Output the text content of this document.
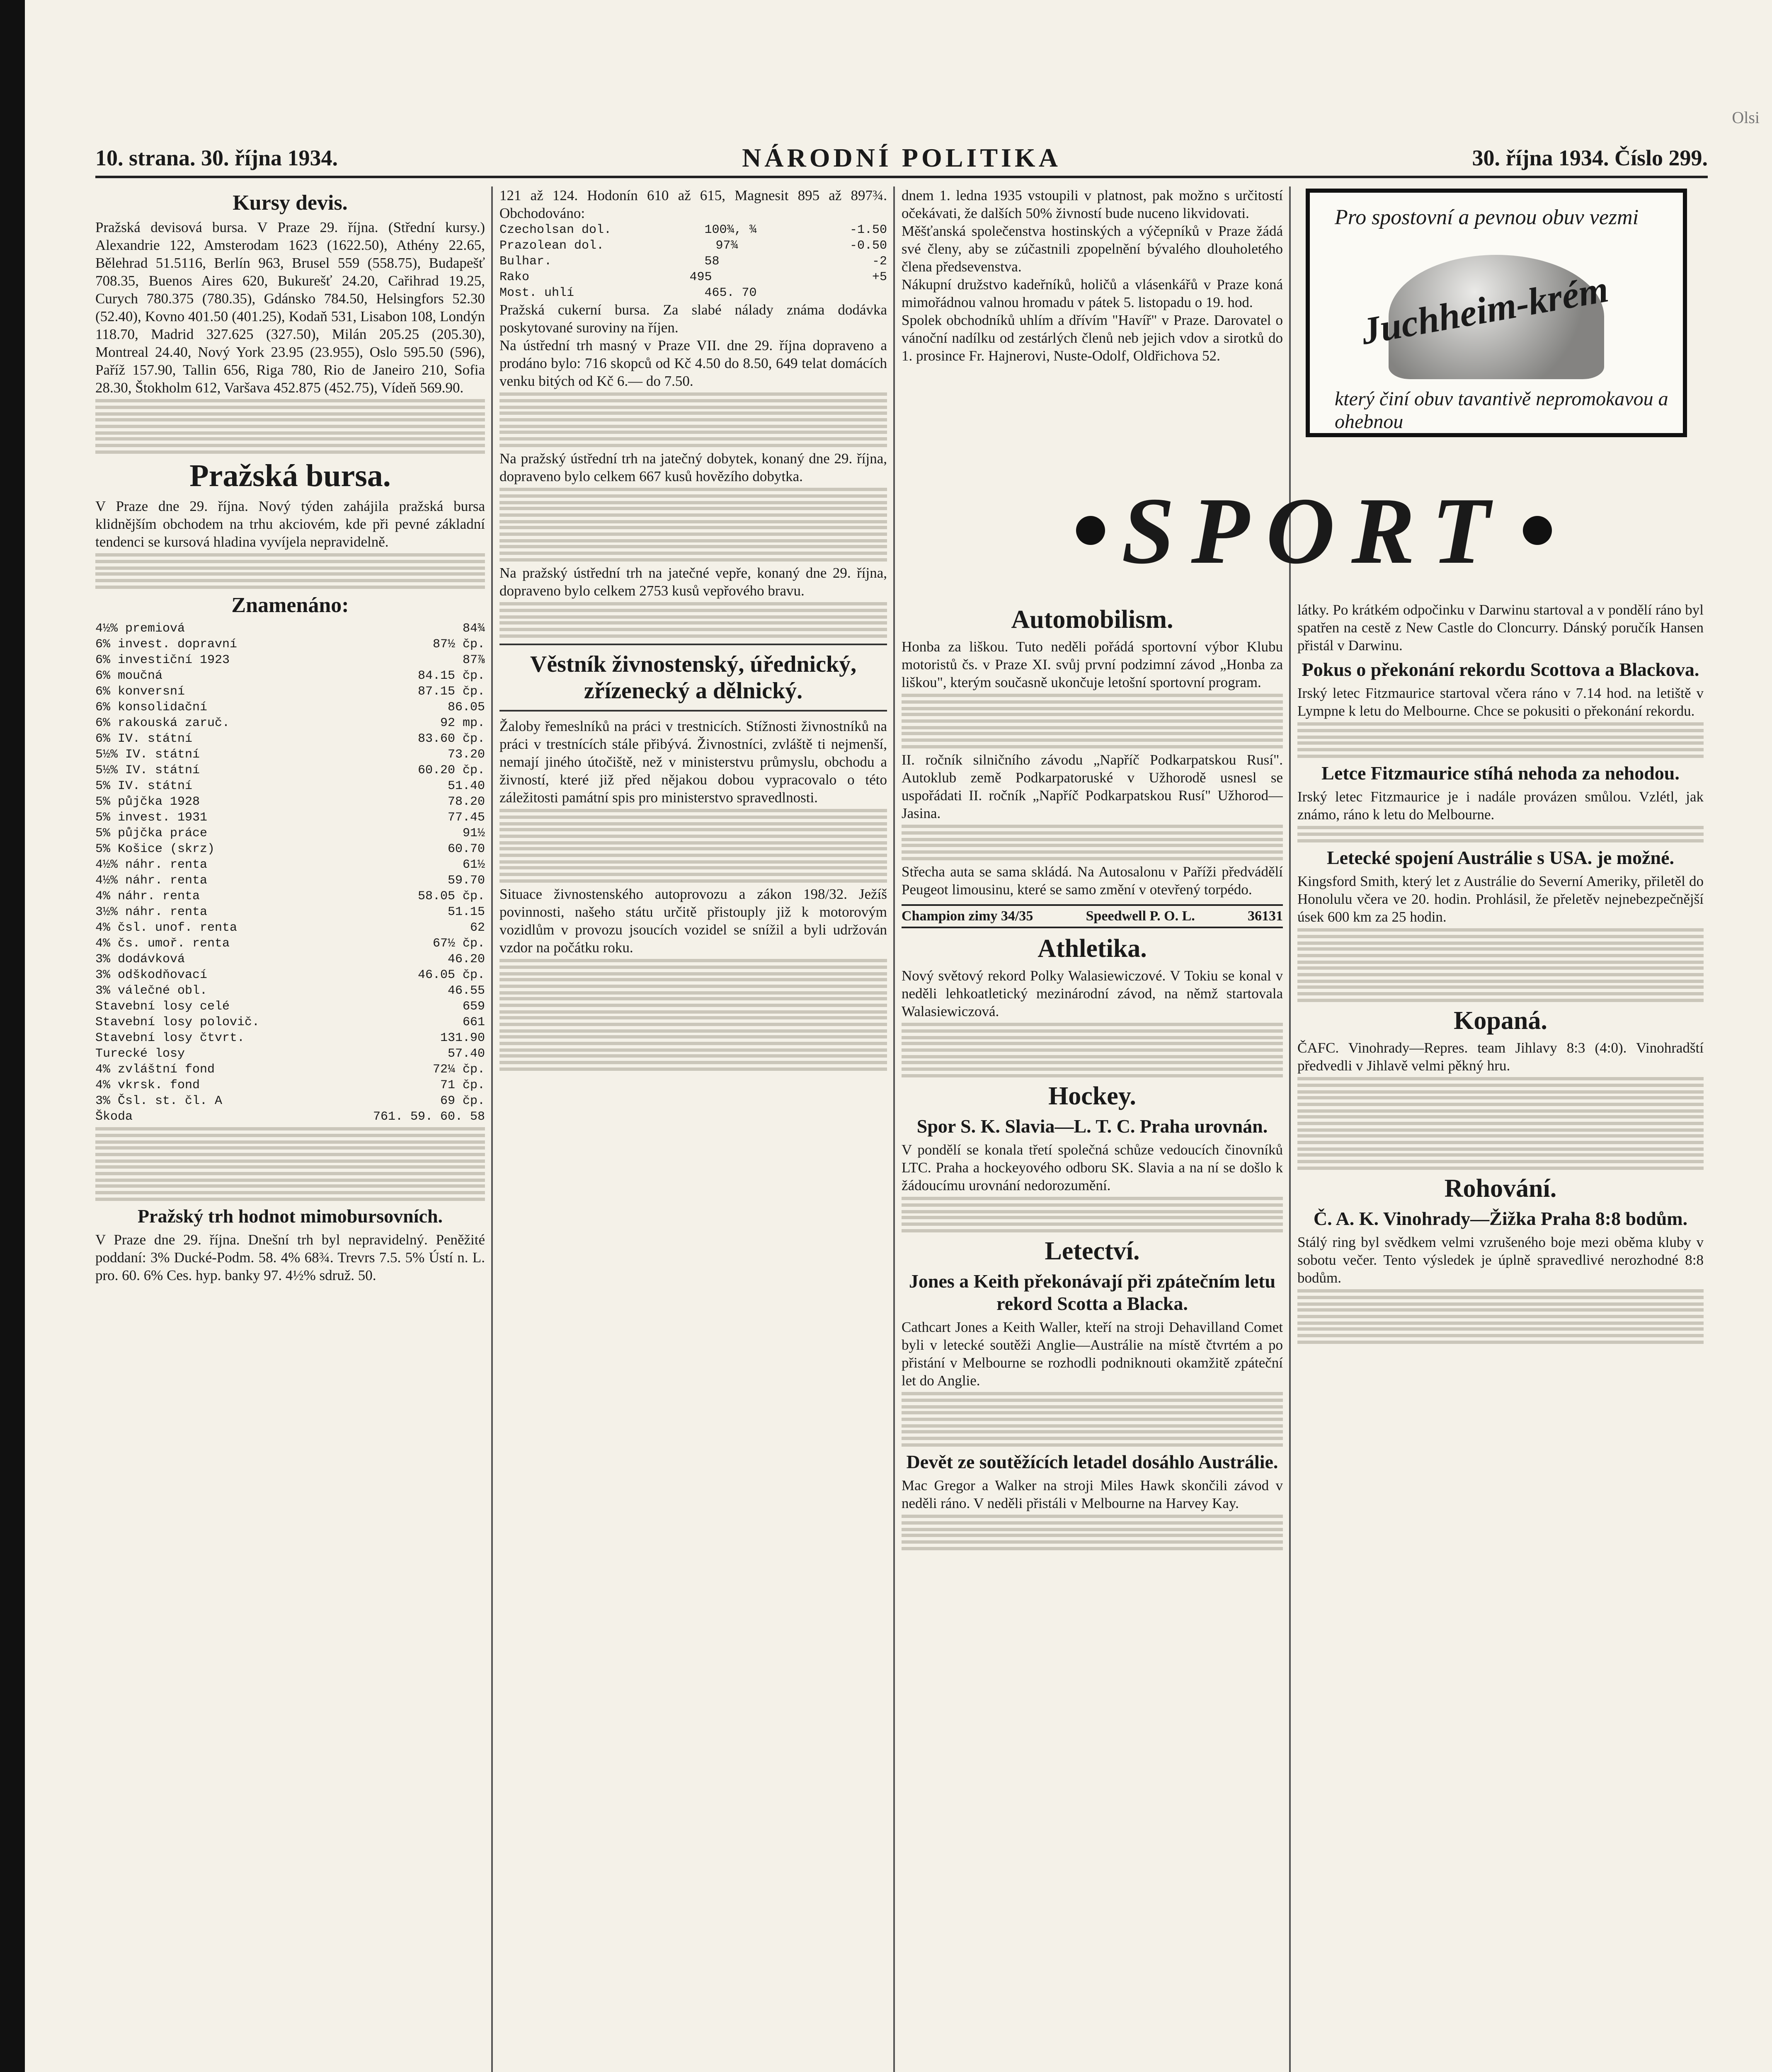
Olsi
10. strana. 30. října 1934.	NÁRODNÍ POLITIKA	30. října 1934. Číslo 299.
Kursy devis.

Pražská devisová bursa. V Praze 29. října. (Střední kursy.) Alexandrie 122, Amsterodam 1623 (1622.50), Athény 22.65, Bělehrad 51.5116, Berlín 963, Brusel 559 (558.75), Budapešť 708.35, Buenos Aires 620, Bukurešť 24.20, Cařihrad 19.25, Curych 780.375 (780.35), Gdánsko 784.50, Helsingfors 52.30 (52.40), Kovno 401.50 (401.25), Kodaň 531, Lisabon 108, Londýn 118.70, Madrid 327.625 (327.50), Milán 205.25 (205.30), Montreal 24.40, Nový York 23.95 (23.955), Oslo 595.50 (596), Paříž 157.90, Tallin 656, Riga 780, Rio de Janeiro 210, Sofia 28.30, Štokholm 612, Varšava 452.875 (452.75), Vídeň 569.90.

Pražská bursa.

V Praze dne 29. října. Nový týden zahájila pražská bursa klidnějším obchodem na trhu akciovém, kde při pevné základní tendenci se kursová hladina vyvíjela nepravidelně.

Znamenáno:
4½% premiová	84¾
6% invest. dopravní	87½ čp.
6% investiční 1923	87⅞
6% moučná	84.15 čp.
6% konversní	87.15 čp.
6% konsolidační	86.05
6% rakouská zaruč.	92 mp.
6% IV. státní	83.60 čp.
5½% IV. státní	73.20
5½% IV. státní	60.20 čp.
5% IV. státní	51.40
5% půjčka 1928	78.20
5% invest. 1931	77.45
5% půjčka práce	91½
5% Košice (skrz)	60.70
4½% náhr. renta	61½
4½% náhr. renta	59.70
4% náhr. renta	58.05 čp.
3½% náhr. renta	51.15
4% čsl. unof. renta	62
4% čs. umoř. renta	67½ čp.
3% dodávková	46.20
3% odškodňovací	46.05 čp.
3% válečné obl.	46.55
Stavební losy celé	659
Stavební losy polovič.	661
Stavební losy čtvrt.	131.90
Turecké losy	57.40
4% zvláštní fond	72¼ čp.
4% vkrsk. fond	71 čp.
3% Čsl. st. čl. A	69 čp.
Škoda	761. 59. 60. 58
Pražský trh hodnot mimobursovních.

V Praze dne 29. října. Dnešní trh byl nepravidelný. Peněžité poddaní: 3% Ducké-Podm. 58. 4% 68¾. Trevrs 7.5. 5% Ústí n. L. pro. 60. 6% Ces. hyp. banky 97. 4½% sdruž. 50.

121 až 124. Hodonín 610 až 615, Magnesit 895 až 897¾. Obchodováno:

Czecholsan dol.	100¾, ¾	-1.50
Prazolean dol.	97¾	-0.50
Bulhar.	58	-2
Rako	495	+5
Most. uhlí	465. 70

Pražská cukerní bursa. Za slabé nálady známa dodávka poskytované suroviny na říjen.

Na ústřední trh masný v Praze VII. dne 29. října dopraveno a prodáno bylo: 716 skopců od Kč 4.50 do 8.50, 649 telat domácích venku bitých od Kč 6.— do 7.50.

Na pražský ústřední trh na jatečný dobytek, konaný dne 29. října, dopraveno bylo celkem 667 kusů hovězího dobytka.

Na pražský ústřední trh na jatečné vepře, konaný dne 29. října, dopraveno bylo celkem 2753 kusů vepřového bravu.

Věstník živnostenský, úřednický, zřízenecký a dělnický.

Žaloby řemeslníků na práci v trestnicích. Stížnosti živnostníků na práci v trestnících stále přibývá. Živnostníci, zvláště ti nejmenší, nemají jiného útočiště, než v ministerstvu průmyslu, obchodu a živností, které již před nějakou dobou vypracovalo o této záležitosti památní spis pro ministerstvo spravedlnosti.

Situace živnostenského autoprovozu a zákon 198/32. Ježíš povinnosti, našeho státu určitě přistouply již k motorovým vozidlům v provozu jsoucích vozidel se snížil a byli udržován vzdor na počátku roku.

dnem 1. ledna 1935 vstoupili v platnost, pak možno s určitostí očekávati, že dalších 50% živností bude nuceno likvidovati.

Měšťanská společenstva hostinských a výčepníků v Praze žádá své členy, aby se zúčastnili zpopelnění bývalého dlouholetého člena předsevenstva.

Nákupní družstvo kadeřníků, holičů a vlásenkářů v Praze koná mimořádnou valnou hromadu v pátek 5. listopadu o 19. hod.

Spolek obchodníků uhlím a dřívím "Havíř" v Praze. Darovatel o vánoční nadílku od zestárlých členů neb jejich vdov a sirotků do 1. prosince Fr. Hajnerovi, Nuste-Odolf, Oldřichova 52.

Pro spostovní a pevnou obuv vezmi
Juchheim-krém
který činí obuv tavantivě nepromokavou a ohebnou
SPORT
Automobilism.

Honba za liškou. Tuto neděli pořádá sportovní výbor Klubu motoristů čs. v Praze XI. svůj první podzimní závod „Honba za liškou", kterým současně ukončuje letošní sportovní program.

II. ročník silničního závodu „Napříč Podkarpatskou Rusí". Autoklub země Podkarpatoruské v Užhorodě usnesl se uspořádati II. ročník „Napříč Podkarpatskou Rusí" Užhorod—Jasina.

Střecha auta se sama skládá. Na Autosalonu v Paříži předvádělí Peugeot limousinu, které se samo změní v otevřený torpédo.

Champion zimy 34/35	Speedwell P. O. L.	36131
Athletika.

Nový světový rekord Polky Walasiewiczové. V Tokiu se konal v neděli lehkoatletický mezinárodní závod, na němž startovala Walasiewiczová.

Hockey.
Spor S. K. Slavia—L. T. C. Praha urovnán.

V pondělí se konala třetí společná schůze vedoucích činovníků LTC. Praha a hockeyového odboru SK. Slavia a na ní se došlo k žádoucímu urovnání nedorozumění.

Letectví.
Jones a Keith překonávají při zpátečním letu rekord Scotta a Blacka.

Cathcart Jones a Keith Waller, kteří na stroji Dehavilland Comet byli v letecké soutěži Anglie—Austrálie na místě čtvrtém a po přistání v Melbourne se rozhodli podniknouti okamžitě zpáteční let do Anglie.

Devět ze soutěžících letadel dosáhlo Austrálie.

Mac Gregor a Walker na stroji Miles Hawk skončili závod v neděli ráno. V neděli přistáli v Melbourne na Harvey Kay.

látky. Po krátkém odpočinku v Darwinu startoval a v pondělí ráno byl spatřen na cestě z New Castle do Cloncurry. Dánský poručík Hansen přistál v Darwinu.

Pokus o překonání rekordu Scottova a Blackova.

Irský letec Fitzmaurice startoval včera ráno v 7.14 hod. na letiště v Lympne k letu do Melbourne. Chce se pokusiti o překonání rekordu.

Letce Fitzmaurice stíhá nehoda za nehodou.

Irský letec Fitzmaurice je i nadále provázen smůlou. Vzlétl, jak známo, ráno k letu do Melbourne.

Letecké spojení Austrálie s USA. je možné.

Kingsford Smith, který let z Austrálie do Severní Ameriky, přiletěl do Honolulu včera ve 20. hodin. Prohlásil, že přeletěv nejnebezpečnější úsek 600 km za 25 hodin.

Kopaná.

ČAFC. Vinohrady—Repres. team Jihlavy 8:3 (4:0). Vinohradští předvedli v Jihlavě velmi pěkný hru.

Rohování.
Č. A. K. Vinohrady—Žižka Praha 8:8 bodům.

Stálý ring byl svědkem velmi vzrušeného boje mezi oběma kluby v sobotu večer. Tento výsledek je úplně spravedlivé nerozhodné 8:8 bodům.
